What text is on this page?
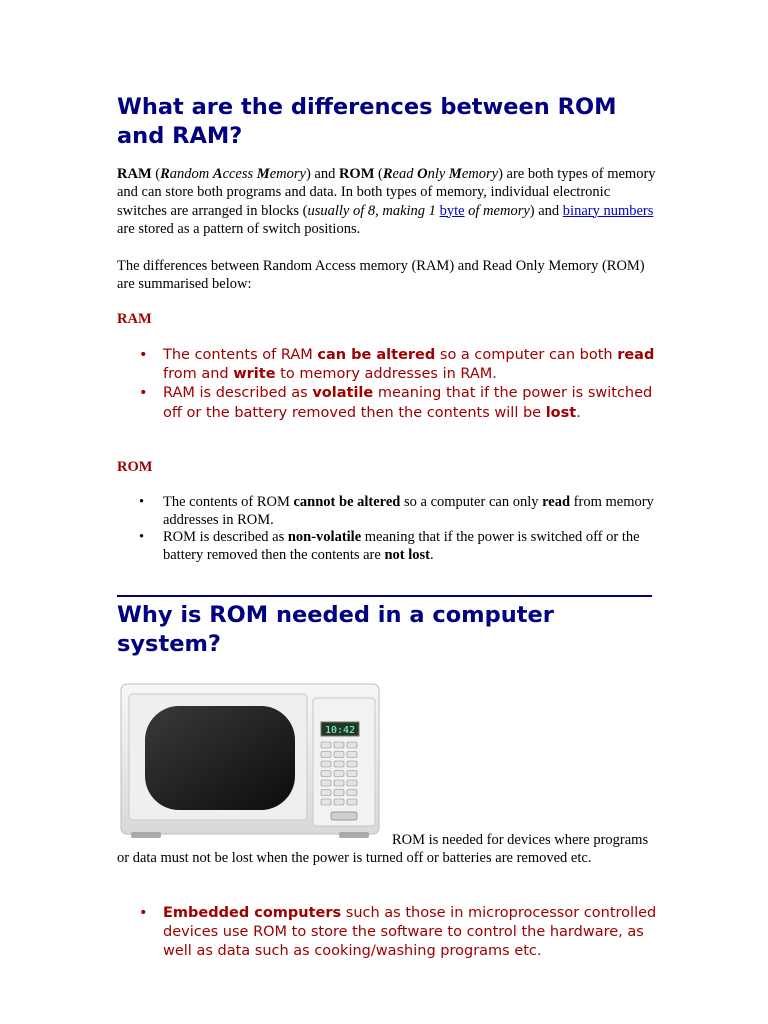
What are the differences between ROM and RAM?

RAM (Random Access Memory) and ROM (Read Only Memory) are both types of memory and can store both programs and data. In both types of memory, individual electronic switches are arranged in blocks (usually of 8, making 1 byte of memory) and binary numbers are stored as a pattern of switch positions.

The differences between Random Access memory (RAM) and Read Only Memory (ROM) are summarised below:

RAM

• The contents of RAM can be altered so a computer can both read from and write to memory addresses in RAM.
• RAM is described as volatile meaning that if the power is switched off or the battery removed then the contents will be lost.

ROM

• The contents of ROM cannot be altered so a computer can only read from memory addresses in ROM.
• ROM is described as non-volatile meaning that if the power is switched off or the battery removed then the contents are not lost.
Why is ROM needed in a computer system?
10:42

ROM is needed for devices where programs or data must not be lost when the power is turned off or batteries are removed etc.

• Embedded computers such as those in microprocessor controlled devices use ROM to store the software to control the hardware, as well as data such as cooking/washing programs etc.
